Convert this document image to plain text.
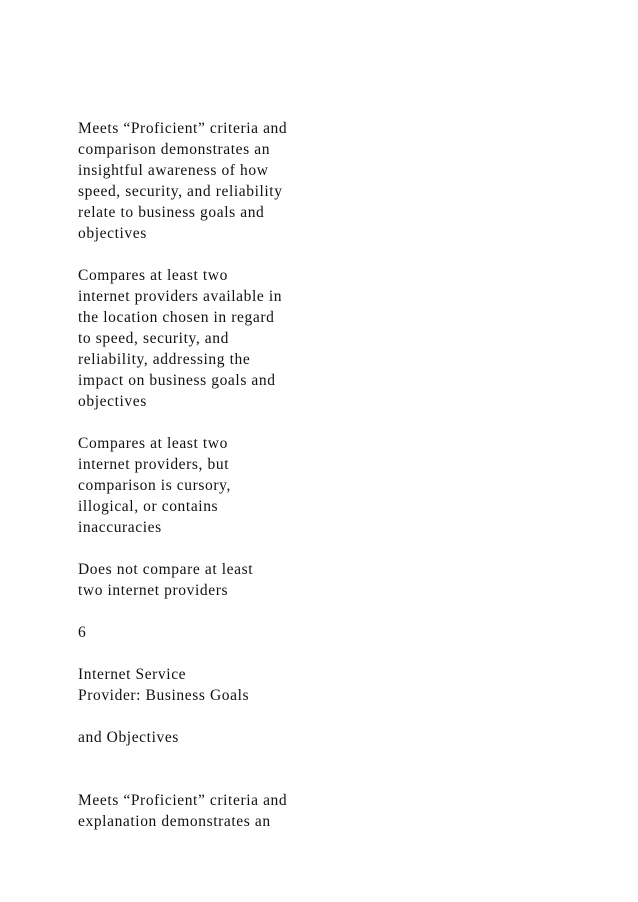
Meets “Proficient” criteria and
comparison demonstrates an
insightful awareness of how
speed, security, and reliability
relate to business goals and
objectives
Compares at least two
internet providers available in
the location chosen in regard
to speed, security, and
reliability, addressing the
impact on business goals and
objectives
Compares at least two
internet providers, but
comparison is cursory,
illogical, or contains
inaccuracies
Does not compare at least
two internet providers
6
Internet Service
Provider: Business Goals
and Objectives
Meets “Proficient” criteria and
explanation demonstrates an
